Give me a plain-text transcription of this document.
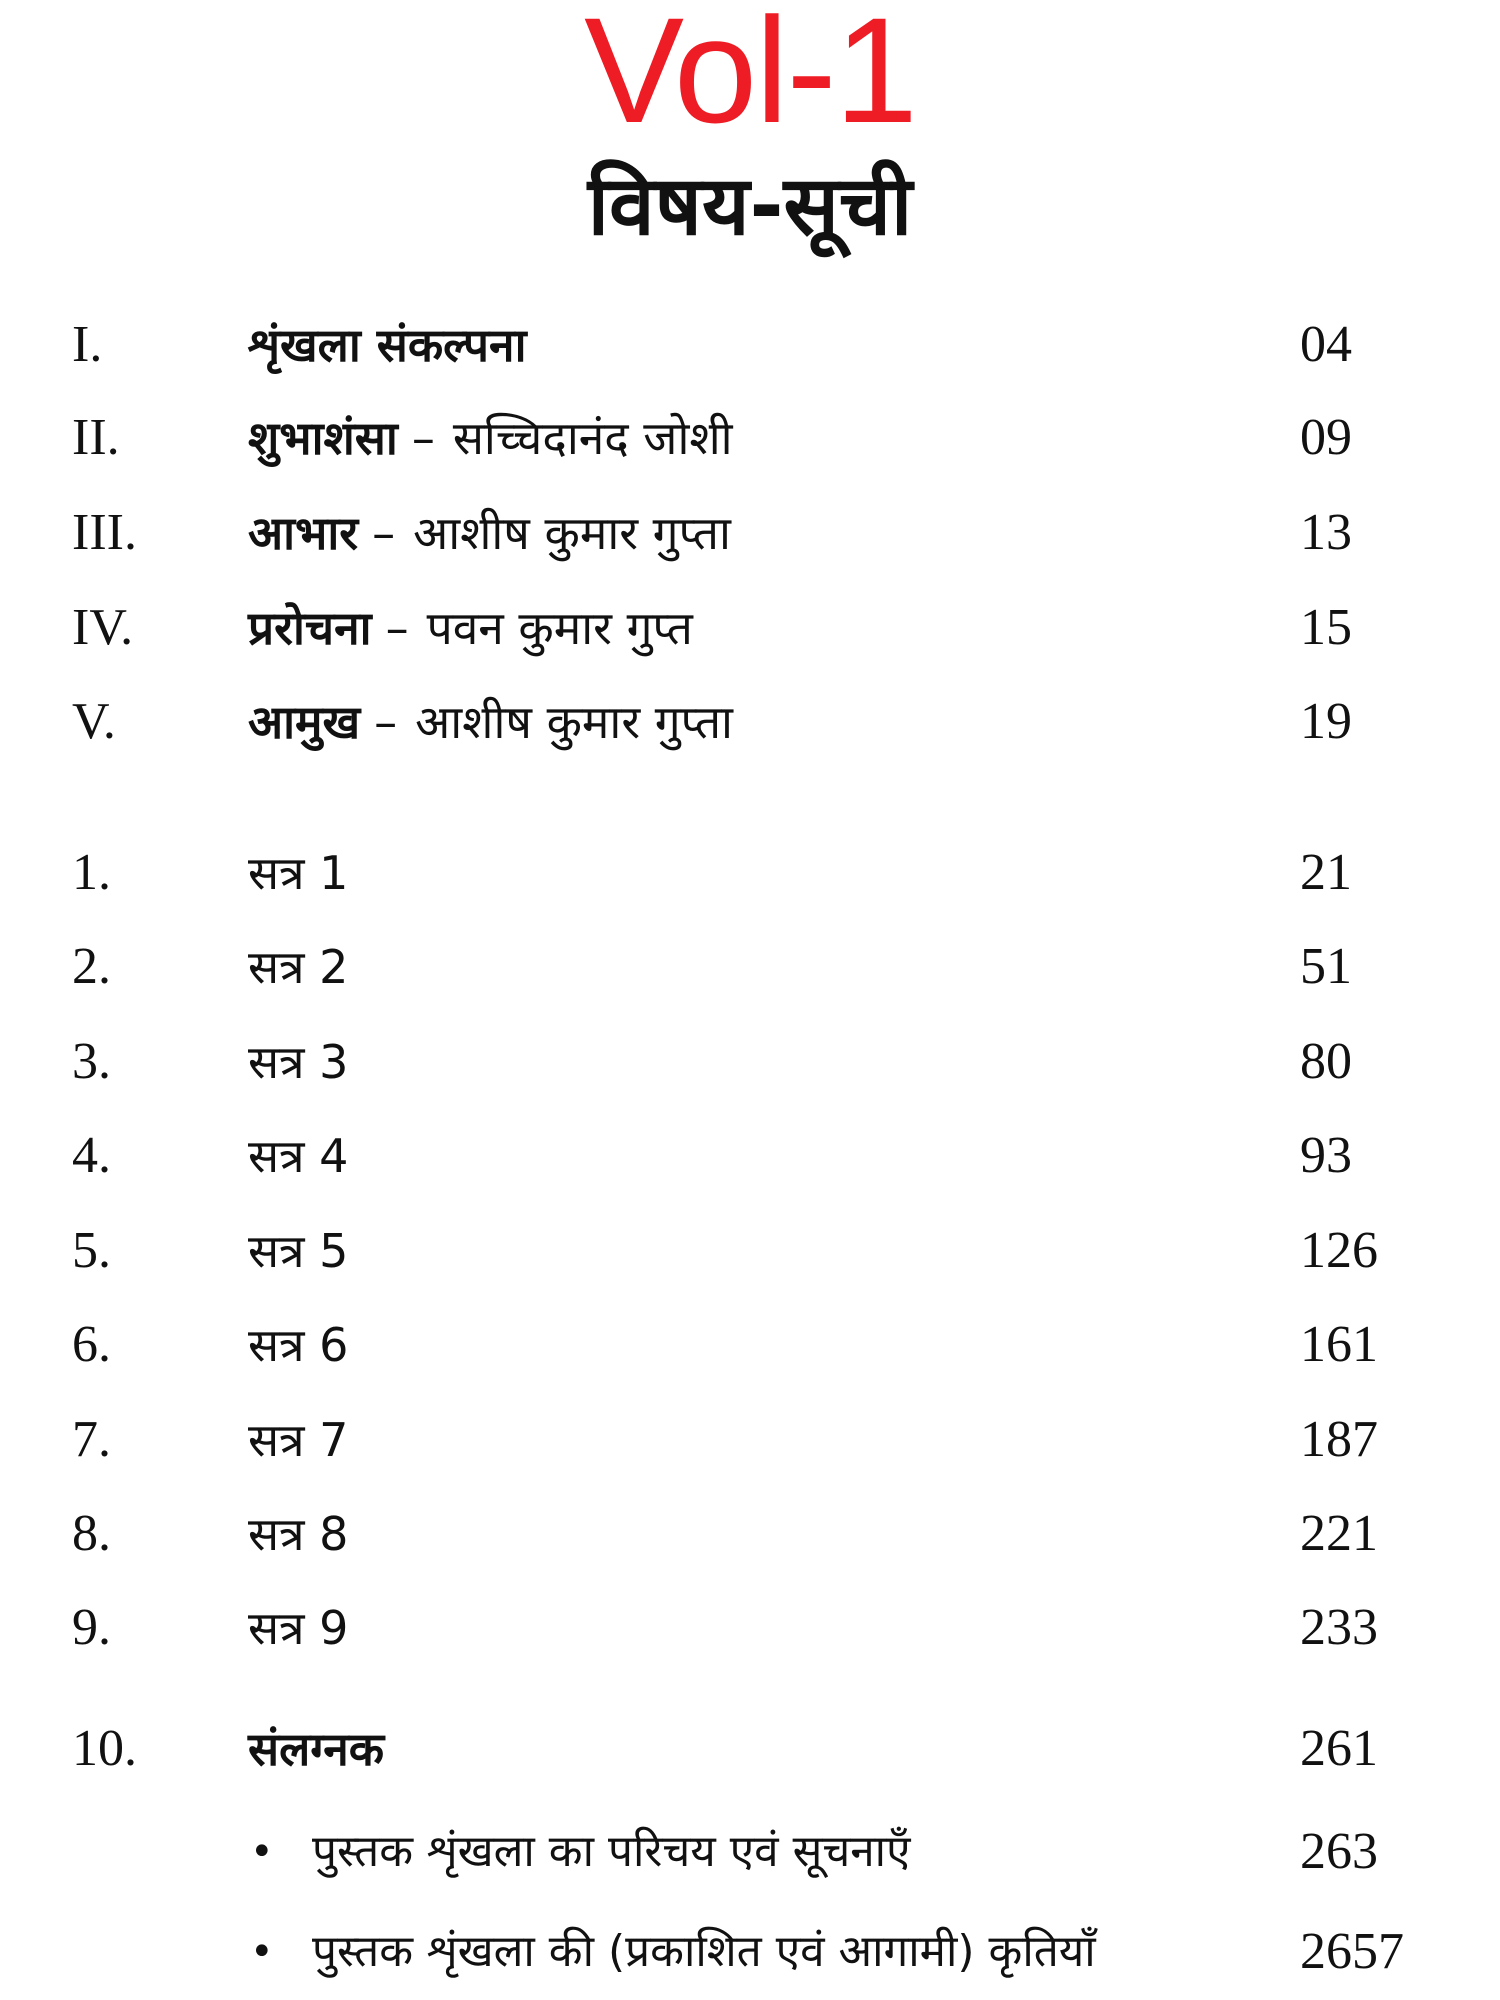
Vol-1
विषय-सूची
I.	शृंखला संकल्पना	04
II.	शुभाशंसा – सच्चिदानंद जोशी	09
III. आभार – आशीष कुमार गुप्ता	13
IV. प्ररोचना – पवन कुमार गुप्त	15
V.	आमुख – आशीष कुमार गुप्ता	19
1.	सत्र 1	21
2.	सत्र 2	51
3.	सत्र 3	80
4.	सत्र 4	93
5.	सत्र 5	126
6.	सत्र 6	161
7.	सत्र 7	187
8.	सत्र 8	221
9.	सत्र 9	233
10. संलग्नक	261
• पुस्तक शृंखला का परिचय एवं सूचनाएँ	263
• पुस्तक शृंखला की (प्रकाशित एवं आगामी) कृतियाँ	2657
